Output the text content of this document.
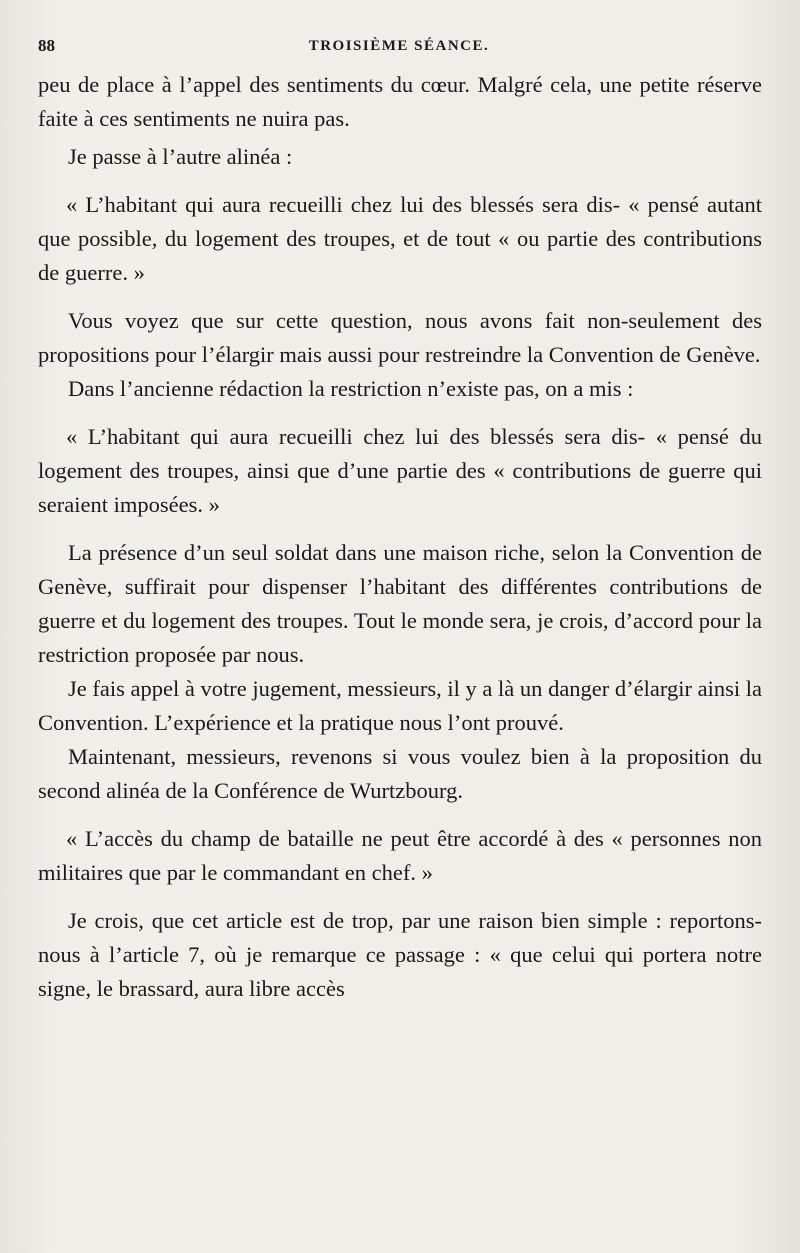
88	TROISIÈME SÉANCE.

peu de place à l’appel des sentiments du cœur. Malgré cela, une petite réserve faite à ces sentiments ne nuira pas.

Je passe à l’autre alinéa :

« L’habitant qui aura recueilli chez lui des blessés sera dis- « pensé autant que possible, du logement des troupes, et de tout « ou partie des contributions de guerre. »

Vous voyez que sur cette question, nous avons fait non-seulement des propositions pour l’élargir mais aussi pour restreindre la Convention de Genève.

Dans l’ancienne rédaction la restriction n’existe pas, on a mis :

« L’habitant qui aura recueilli chez lui des blessés sera dis- « pensé du logement des troupes, ainsi que d’une partie des « contributions de guerre qui seraient imposées. »

La présence d’un seul soldat dans une maison riche, selon la Convention de Genève, suffirait pour dispenser l’habitant des différentes contributions de guerre et du logement des troupes. Tout le monde sera, je crois, d’accord pour la restriction proposée par nous.

Je fais appel à votre jugement, messieurs, il y a là un danger d’élargir ainsi la Convention. L’expérience et la pratique nous l’ont prouvé.

Maintenant, messieurs, revenons si vous voulez bien à la proposition du second alinéa de la Conférence de Wurtzbourg.

« L’accès du champ de bataille ne peut être accordé à des « personnes non militaires que par le commandant en chef. »

Je crois, que cet article est de trop, par une raison bien simple : reportons-nous à l’article 7, où je remarque ce passage : « que celui qui portera notre signe, le brassard, aura libre accès
